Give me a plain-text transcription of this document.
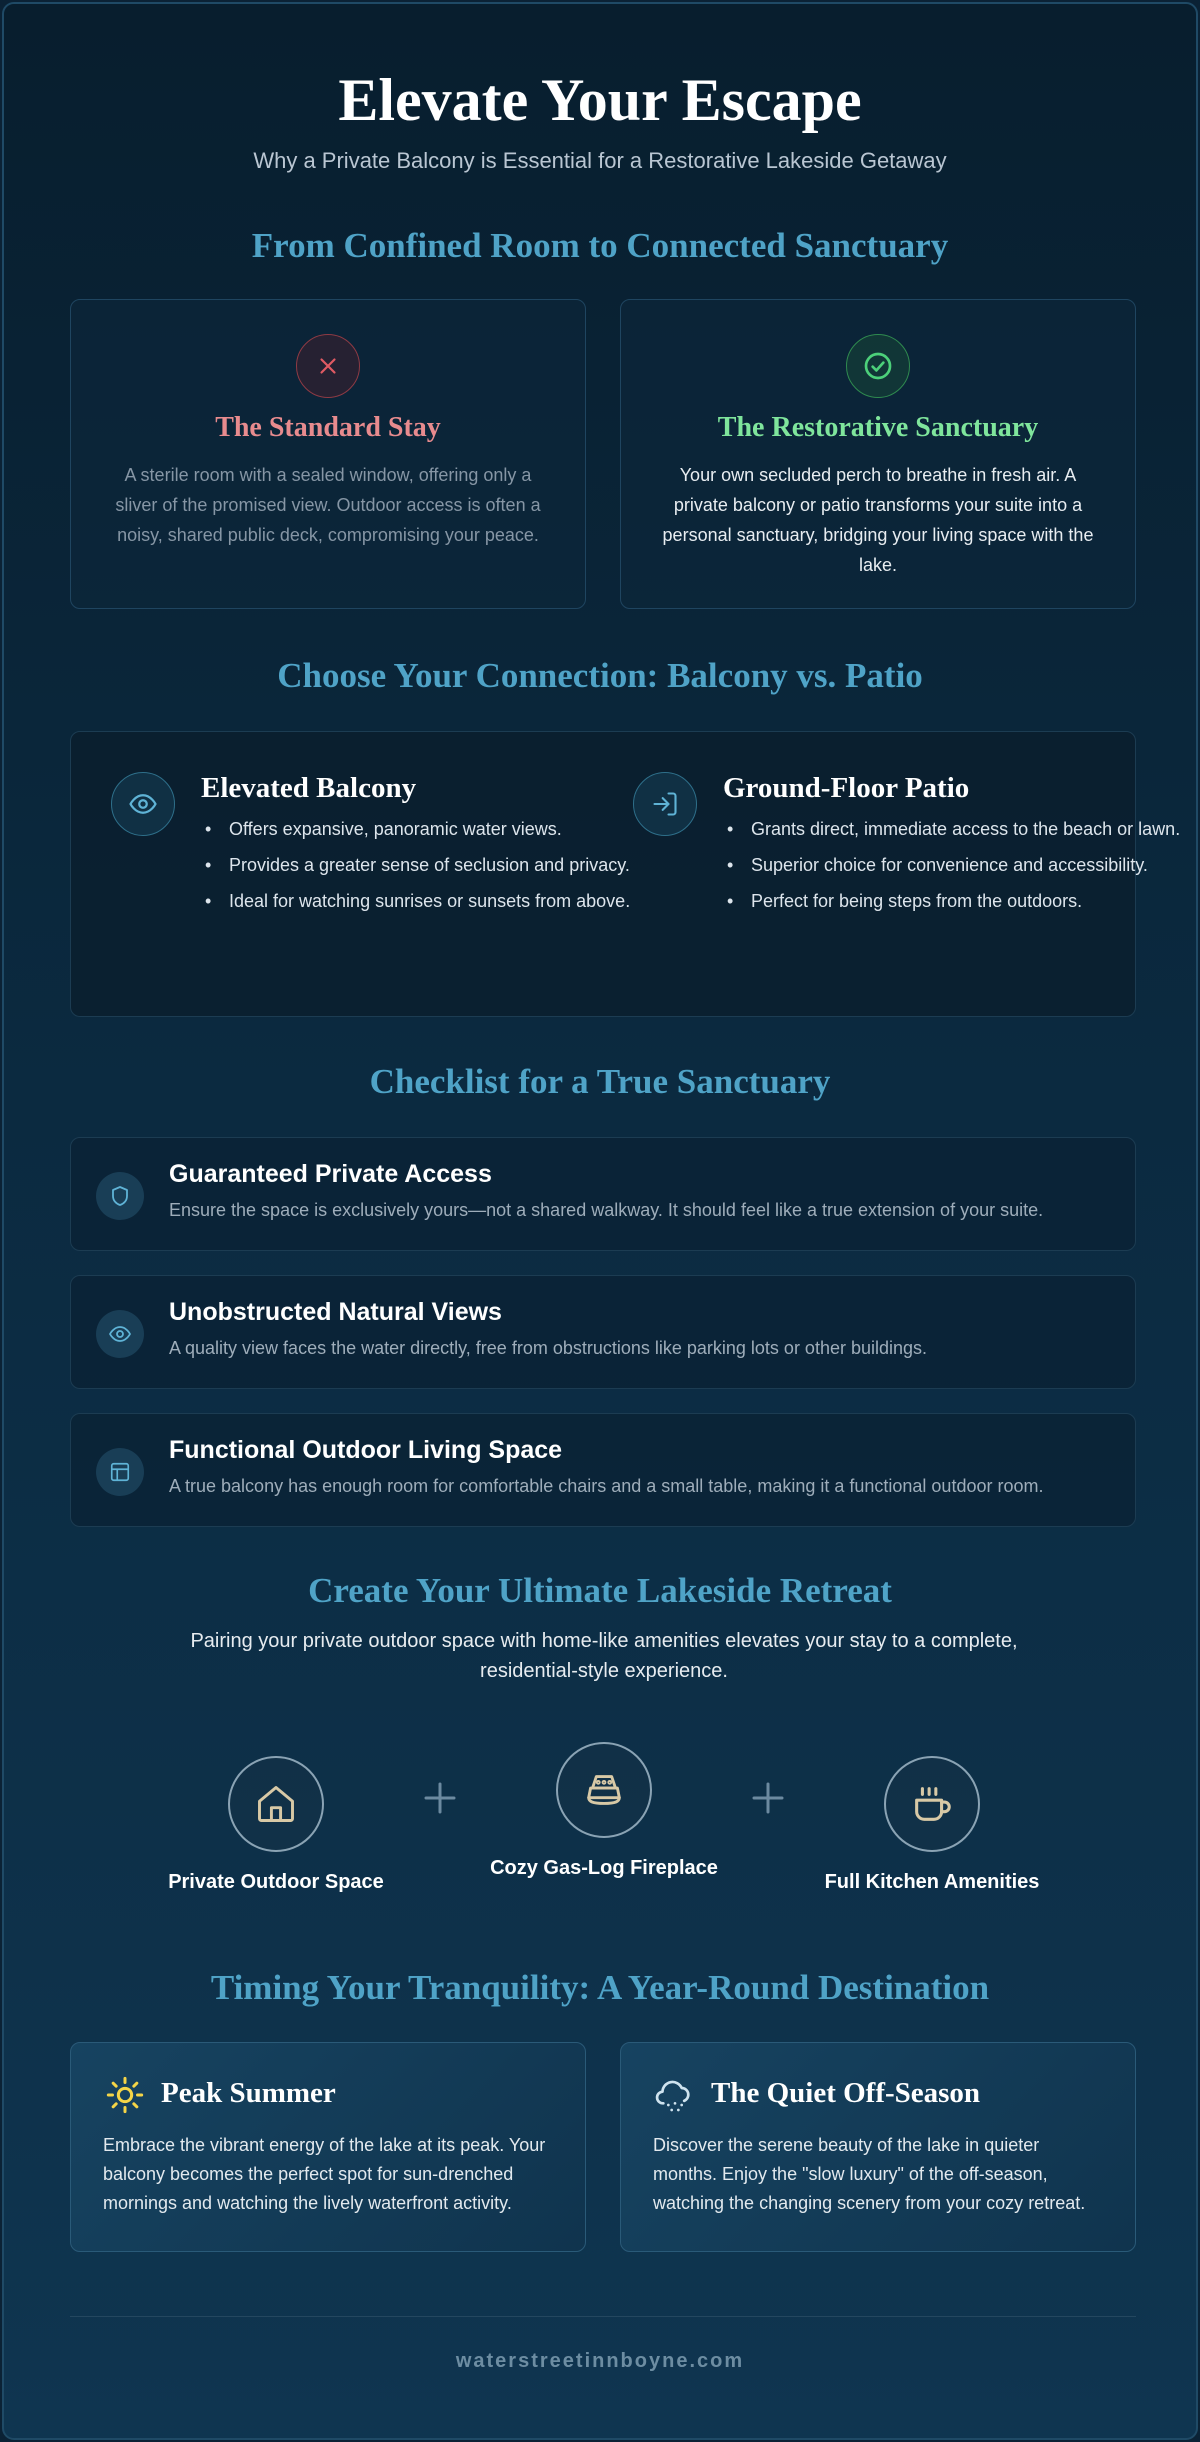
Elevate Your Escape
Why a Private Balcony is Essential for a Restorative Lakeside Getaway
From Confined Room to Connected Sanctuary
The Standard Stay
A sterile room with a sealed window, offering only a sliver of the promised view. Outdoor access is often a noisy, shared public deck, compromising your peace.
The Restorative Sanctuary
Your own secluded perch to breathe in fresh air. A private balcony or patio transforms your suite into a personal sanctuary, bridging your living space with the lake.
Choose Your Connection: Balcony vs. Patio
Elevated Balcony
• Offers expansive, panoramic water views.
• Provides a greater sense of seclusion and privacy.
• Ideal for watching sunrises or sunsets from above.
Ground-Floor Patio
• Grants direct, immediate access to the beach or lawn.
• Superior choice for convenience and accessibility.
• Perfect for being steps from the outdoors.
Checklist for a True Sanctuary
Guaranteed Private Access
Ensure the space is exclusively yours—not a shared walkway. It should feel like a true extension of your suite.
Unobstructed Natural Views
A quality view faces the water directly, free from obstructions like parking lots or other buildings.
Functional Outdoor Living Space
A true balcony has enough room for comfortable chairs and a small table, making it a functional outdoor room.
Create Your Ultimate Lakeside Retreat
Pairing your private outdoor space with home-like amenities elevates your stay to a complete, residential-style experience.
Private Outdoor Space
Cozy Gas-Log Fireplace
Full Kitchen Amenities
Timing Your Tranquility: A Year-Round Destination
Peak Summer
Embrace the vibrant energy of the lake at its peak. Your balcony becomes the perfect spot for sun-drenched mornings and watching the lively waterfront activity.
The Quiet Off-Season
Discover the serene beauty of the lake in quieter months. Enjoy the "slow luxury" of the off-season, watching the changing scenery from your cozy retreat.
waterstreetinnboyne.com
